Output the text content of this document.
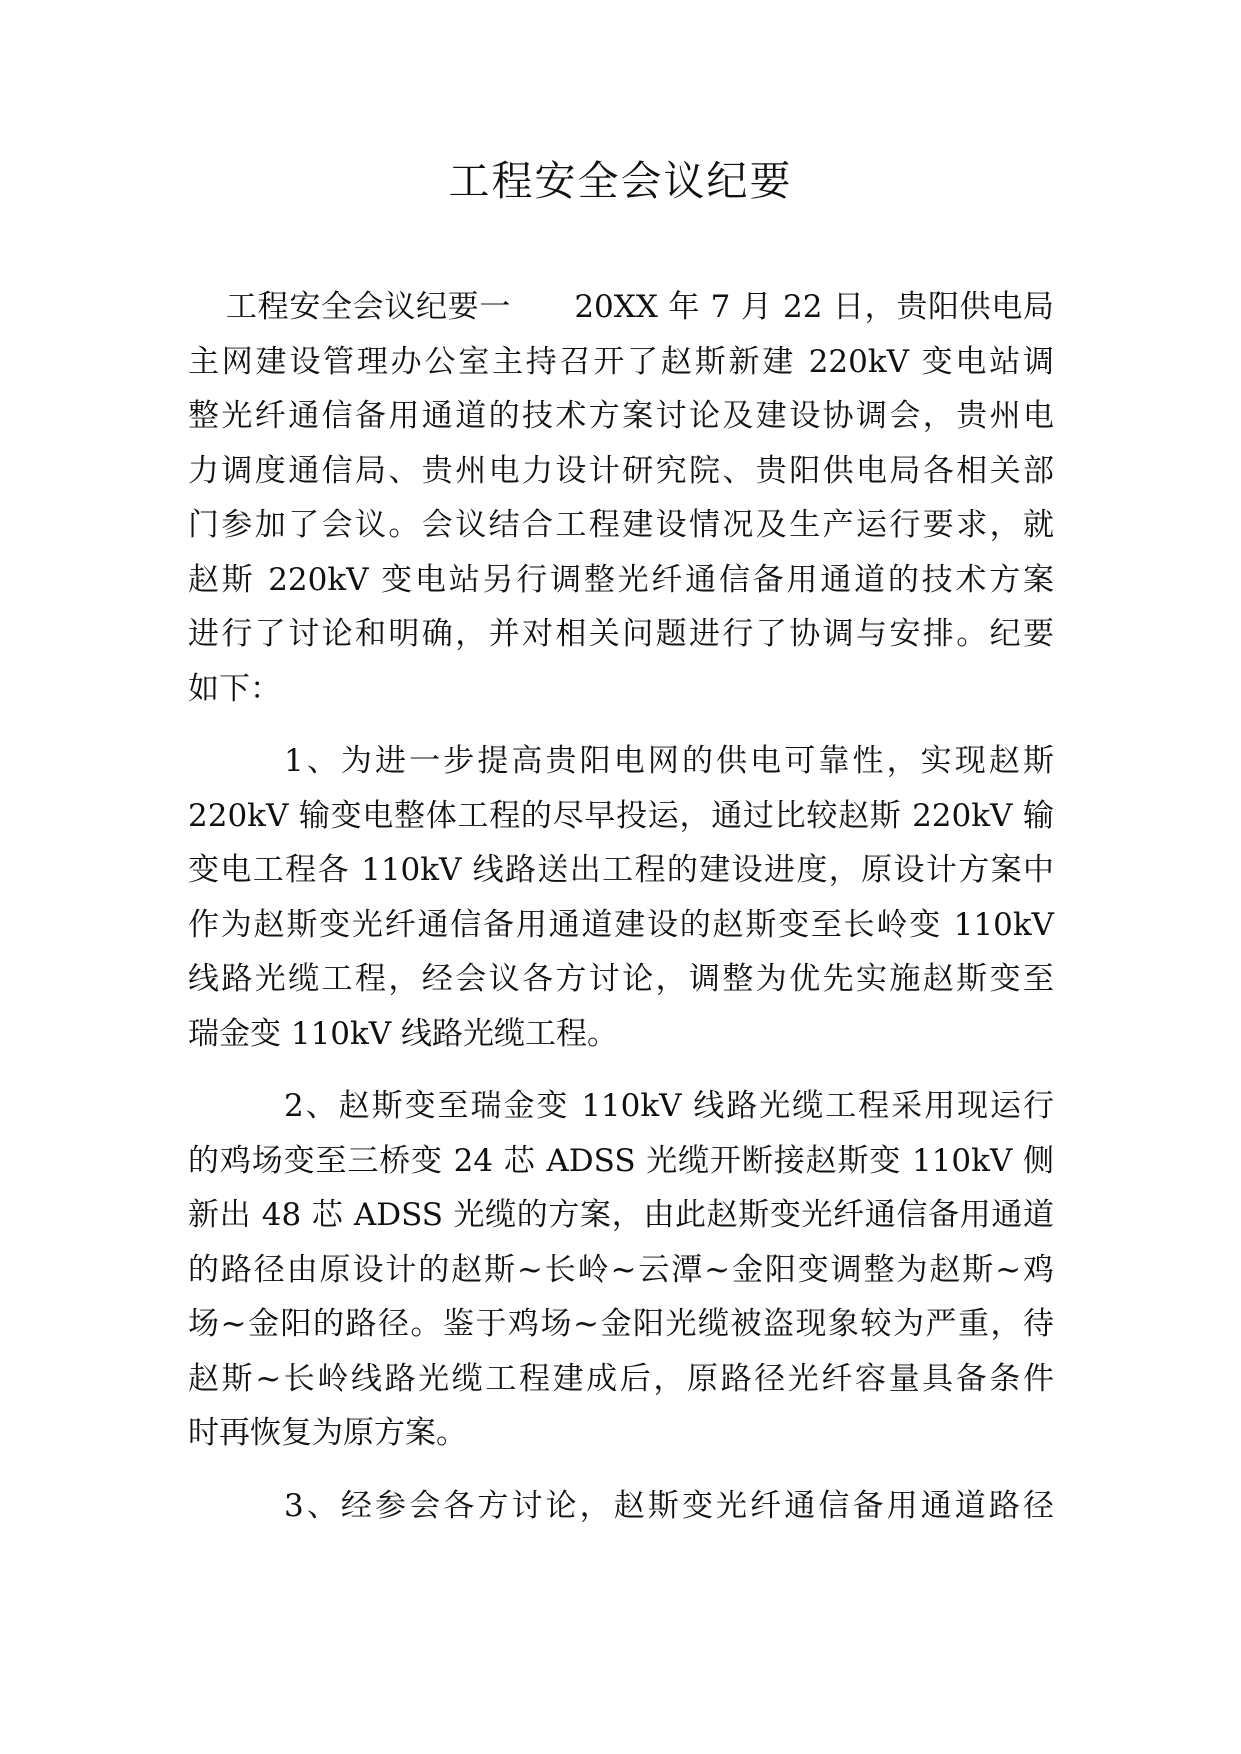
工程安全会议纪要
工程安全会议纪要一　　20XX 年 7 月 22 日，贵阳供电局
主网建设管理办公室主持召开了赵斯新建 220kV 变电站调
整光纤通信备用通道的技术方案讨论及建设协调会，贵州电
力调度通信局、贵州电力设计研究院、贵阳供电局各相关部
门参加了会议。会议结合工程建设情况及生产运行要求，就
赵斯 220kV 变电站另行调整光纤通信备用通道的技术方案
进行了讨论和明确，并对相关问题进行了协调与安排。纪要
如下：
1、为进一步提高贵阳电网的供电可靠性，实现赵斯
220kV 输变电整体工程的尽早投运，通过比较赵斯 220kV 输
变电工程各 110kV 线路送出工程的建设进度，原设计方案中
作为赵斯变光纤通信备用通道建设的赵斯变至长岭变 110kV
线路光缆工程，经会议各方讨论，调整为优先实施赵斯变至
瑞金变 110kV 线路光缆工程。
2、赵斯变至瑞金变 110kV 线路光缆工程采用现运行
的鸡场变至三桥变 24 芯 ADSS 光缆开断接赵斯变 110kV 侧
新出 48 芯 ADSS 光缆的方案，由此赵斯变光纤通信备用通道
的路径由原设计的赵斯~长岭~云潭~金阳变调整为赵斯~鸡
场~金阳的路径。鉴于鸡场~金阳光缆被盗现象较为严重，待
赵斯~长岭线路光缆工程建成后，原路径光纤容量具备条件
时再恢复为原方案。
3、经参会各方讨论，赵斯变光纤通信备用通道路径
